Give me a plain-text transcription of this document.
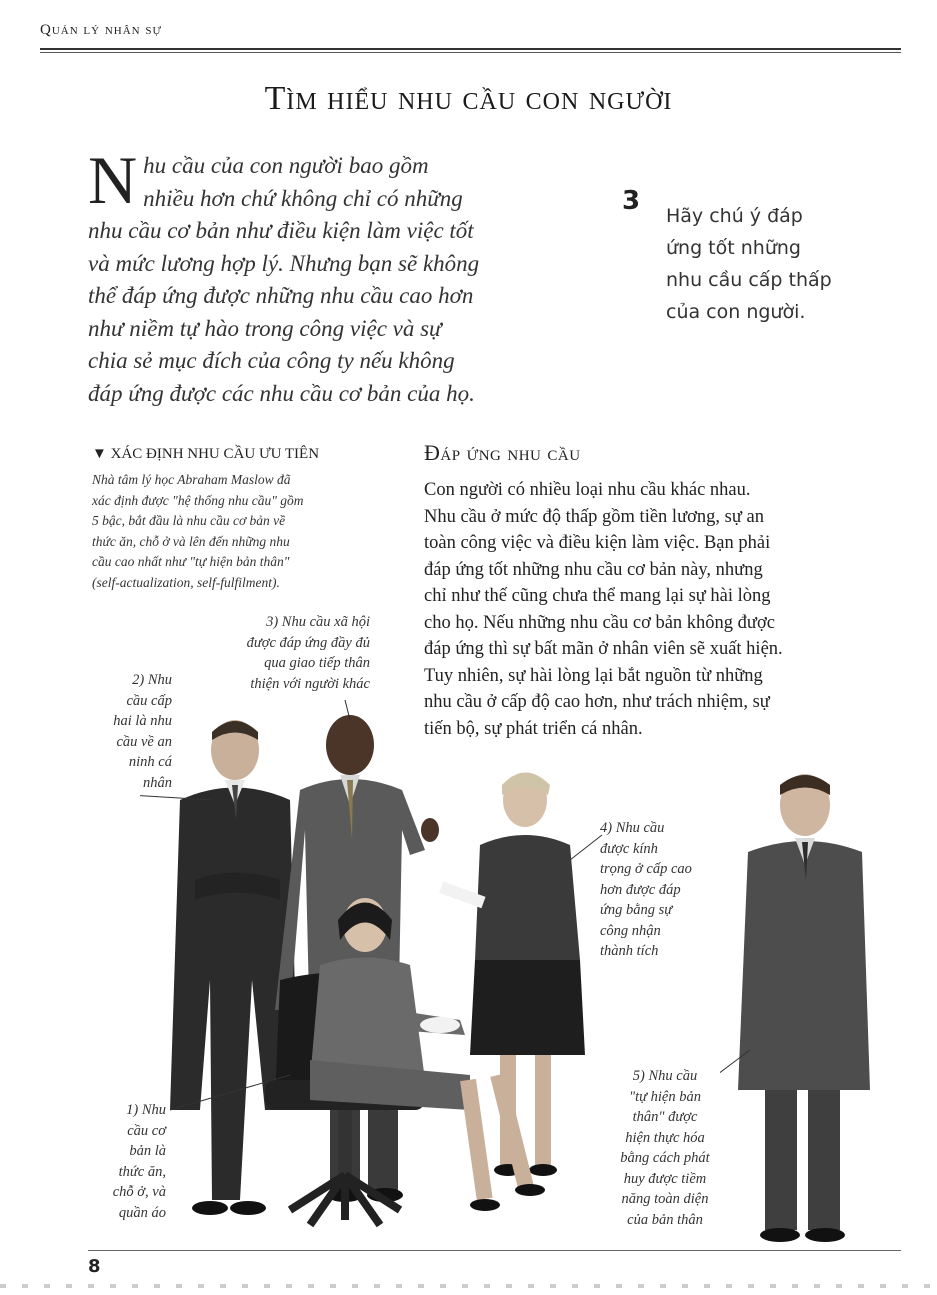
Quản lý nhân sự
Tìm hiểu nhu cầu con người
N hu cầu của con người bao gồm
nhiều hơn chứ không chỉ có những
nhu cầu cơ bản như điều kiện làm việc tốt
và mức lương hợp lý. Nhưng bạn sẽ không
thể đáp ứng được những nhu cầu cao hơn
như niềm tự hào trong công việc và sự
chia sẻ mục đích của công ty nếu không
đáp ứng được các nhu cầu cơ bản của họ.
3 Hãy chú ý đáp
ứng tốt những
nhu cầu cấp thấp
của con người.
▼ XÁC ĐỊNH NHU CẦU ƯU TIÊN
Nhà tâm lý học Abraham Maslow đã
xác định được "hệ thống nhu cầu" gồm
5 bậc, bắt đầu là nhu cầu cơ bản về
thức ăn, chỗ ở và lên đến những nhu
cầu cao nhất như "tự hiện bản thân"
(self-actualization, self-fulfilment).
Đáp ứng nhu cầu
Con người có nhiều loại nhu cầu khác nhau.
Nhu cầu ở mức độ thấp gồm tiền lương, sự an
toàn công việc và điều kiện làm việc. Bạn phải
đáp ứng tốt những nhu cầu cơ bản này, nhưng
chỉ như thế cũng chưa thể mang lại sự hài lòng
cho họ. Nếu những nhu cầu cơ bản không được
đáp ứng thì sự bất mãn ở nhân viên sẽ xuất hiện.
Tuy nhiên, sự hài lòng lại bắt nguồn từ những
nhu cầu ở cấp độ cao hơn, như trách nhiệm, sự
tiến bộ, sự phát triển cá nhân.
1) Nhu
cầu cơ
bản là
thức ăn,
chỗ ở, và
quần áo
2) Nhu
cầu cấp
hai là nhu
cầu về an
ninh cá
nhân
3) Nhu cầu xã hội
được đáp ứng đầy đủ
qua giao tiếp thân
thiện với người khác
4) Nhu cầu
được kính
trọng ở cấp cao
hơn được đáp
ứng bằng sự
công nhận
thành tích
5) Nhu cầu
"tự hiện bản
thân" được
hiện thực hóa
bằng cách phát
huy được tiềm
năng toàn diện
của bản thân
8
